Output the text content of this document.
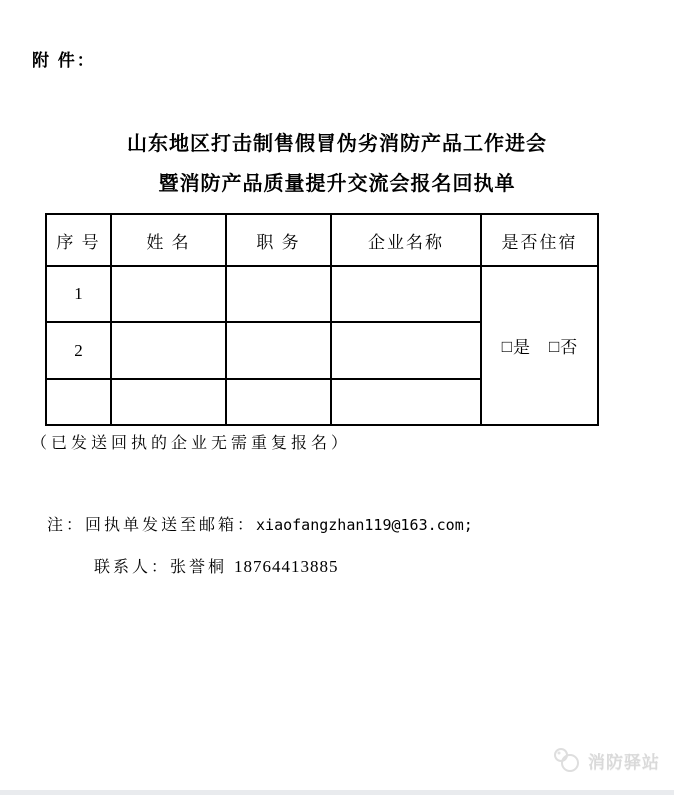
附 件：
山东地区打击制售假冒伪劣消防产品工作进会
暨消防产品质量提升交流会报名回执单
序 号	姓 名	职 务	企业名称	是否住宿
1				□是 □否
2				

（已发送回执的企业无需重复报名）
注：回执单发送至邮箱：xiaofangzhan119@163.com;
联系人：张誉桐 18764413885
消防驿站
